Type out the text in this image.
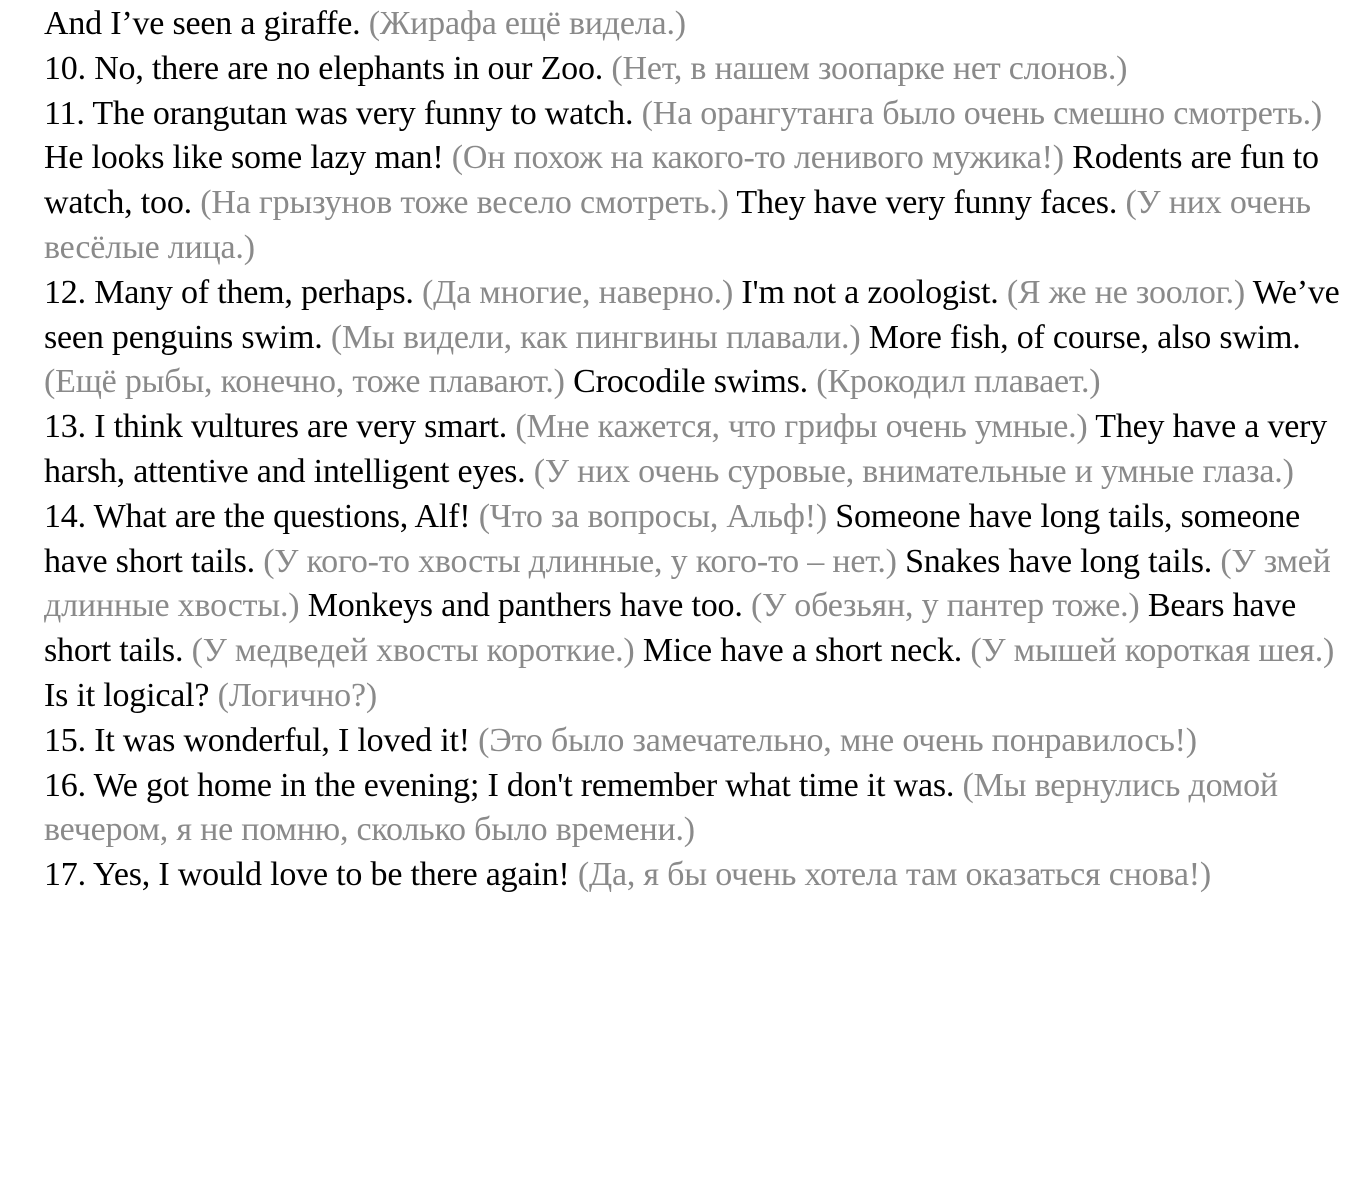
And I’ve seen a giraffe. (Жирафа ещё видела.)

10. No, there are no elephants in our Zoo. (Нет, в нашем зоопарке нет слонов.)

11. The orangutan was very funny to watch. (На орангутанга было очень смешно смотреть.) He looks like some lazy man! (Он похож на какого-то ленивого мужика!) Rodents are fun to watch, too. (На грызунов тоже весело смотреть.) They have very funny faces. (У них очень весёлые лица.)

12. Many of them, perhaps. (Да многие, наверно.) I'm not a zoologist. (Я же не зоолог.) We’ve seen penguins swim. (Мы видели, как пингвины плавали.) More fish, of course, also swim. (Ещё рыбы, конечно, тоже плавают.) Crocodile swims. (Крокодил плавает.)

13. I think vultures are very smart. (Мне кажется, что грифы очень умные.) They have a very harsh, attentive and intelligent eyes. (У них очень суровые, внимательные и умные глаза.)

14. What are the questions, Alf! (Что за вопросы, Альф!) Someone have long tails, someone have short tails. (У кого-то хвосты длинные, у кого-то – нет.) Snakes have long tails. (У змей длинные хвосты.) Monkeys and panthers have too. (У обезьян, у пантер тоже.) Bears have short tails. (У медведей хвосты короткие.) Mice have a short neck. (У мышей короткая шея.) Is it logical? (Логично?)

15. It was wonderful, I loved it! (Это было замечательно, мне очень понравилось!)

16. We got home in the evening; I don't remember what time it was. (Мы вернулись домой вечером, я не помню, сколько было времени.)

17. Yes, I would love to be there again! (Да, я бы очень хотела там оказаться снова!)
